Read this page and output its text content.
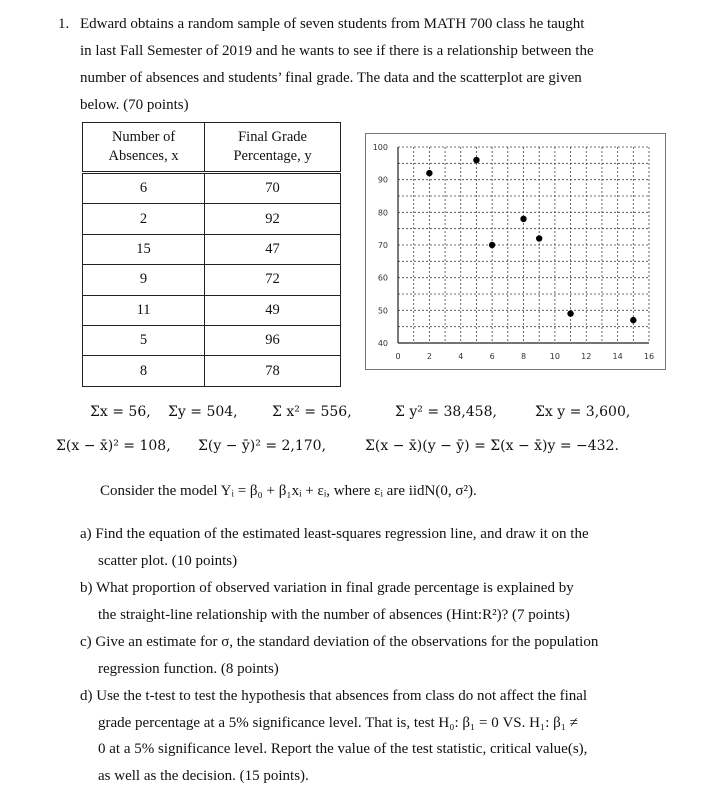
1. Edward obtains a random sample of seven students from MATH 700 class he taught
in last Fall Semester of 2019 and he wants to see if there is a relationship between the
number of absences and students’ final grade. The data and the scatterplot are given
below. (70 points)
Number of
Absences, x	Final Grade
Percentage, y
6	70
2	92
15	47
9	72
11	49
5	96
8	78
0	2	4	6	8	10	12	14	16
40
50
60
70
80
90
100
Σx = 56, Σy = 504, Σ x² = 556,	Σ y² = 38,458,	Σx y = 3,600,
Σ(x − x̄)² = 108, Σ(y − ȳ)² = 2,170,	Σ(x − x̄)(y − ȳ) = Σ(x − x̄)y = −432.
Consider the model Yᵢ = β₀ + β₁xᵢ + εᵢ, where εᵢ are iidN(0, σ²).
a) Find the equation of the estimated least-squares regression line, and draw it on the
scatter plot. (10 points)
b) What proportion of observed variation in final grade percentage is explained by
the straight-line relationship with the number of absences (Hint:R²)? (7 points)
c) Give an estimate for σ, the standard deviation of the observations for the population
regression function. (8 points)
d) Use the t-test to test the hypothesis that absences from class do not affect the final
grade percentage at a 5% significance level. That is, test H₀: β₁ = 0 VS. H₁: β₁ ≠
0 at a 5% significance level. Report the value of the test statistic, critical value(s),
as well as the decision. (15 points).
